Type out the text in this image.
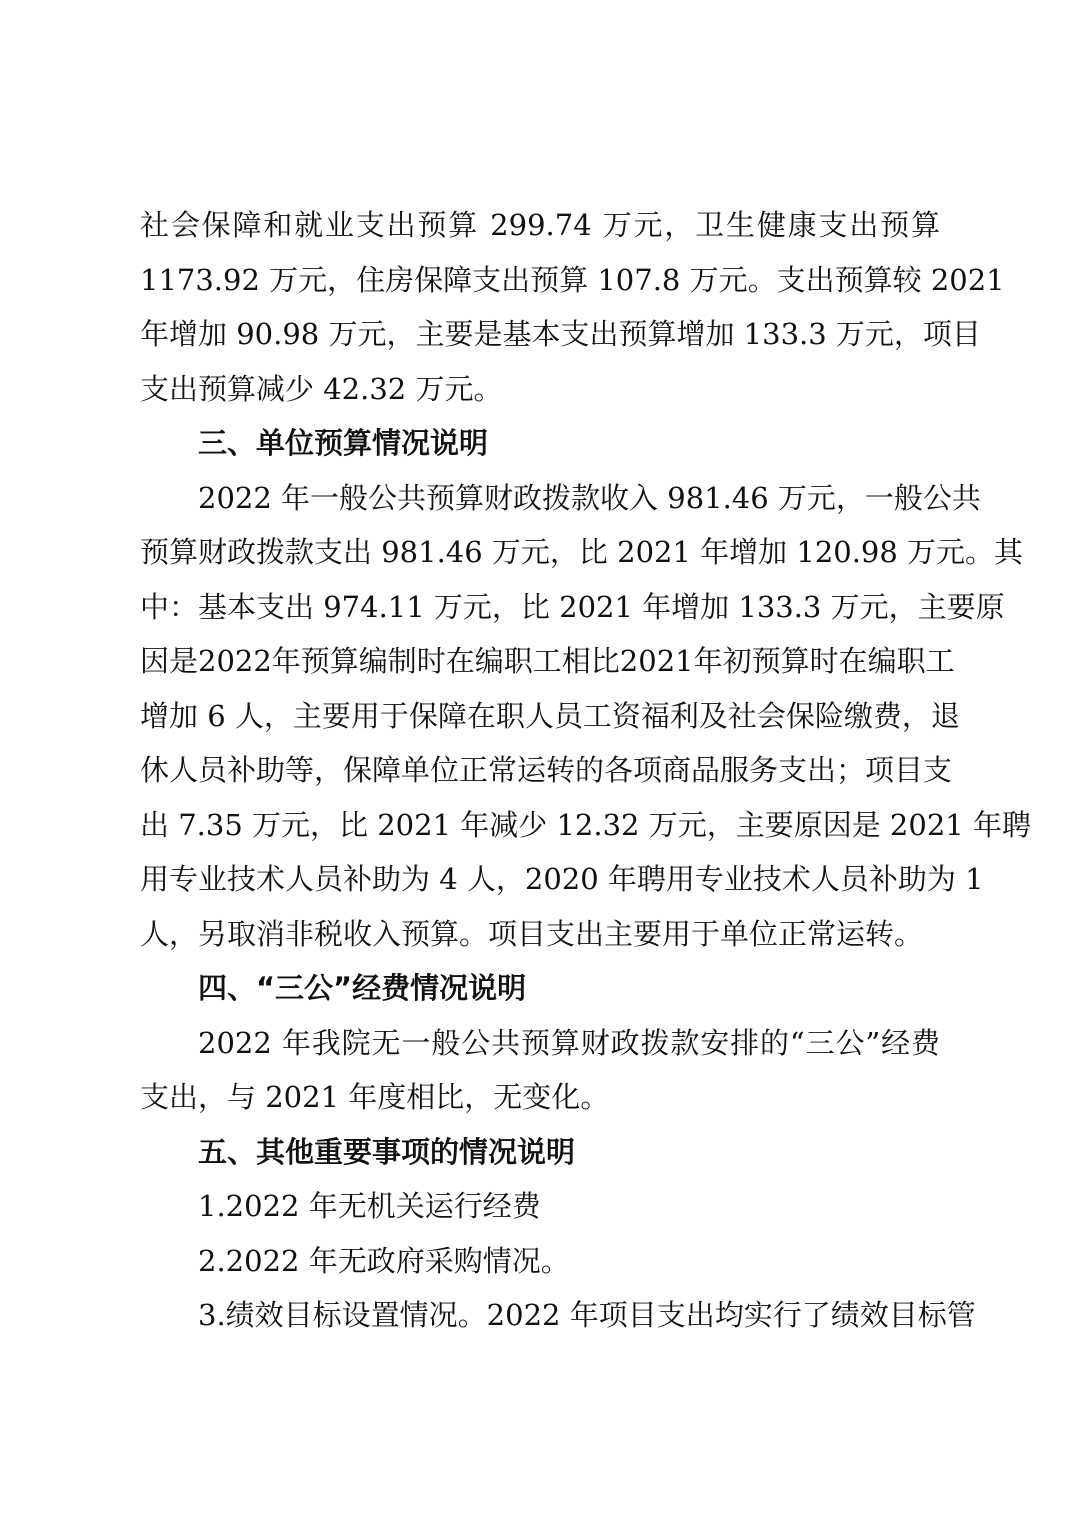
社会保障和就业支出预算 299.74 万元，卫生健康支出预算
1173.92 万元，住房保障支出预算 107.8 万元。支出预算较 2021
年增加 90.98 万元，主要是基本支出预算增加 133.3 万元，项目
支出预算减少 42.32 万元。
三、单位预算情况说明
2022 年一般公共预算财政拨款收入 981.46 万元，一般公共
预算财政拨款支出 981.46 万元，比 2021 年增加 120.98 万元。其
中：基本支出 974.11 万元，比 2021 年增加 133.3 万元，主要原
因是2022年预算编制时在编职工相比2021年初预算时在编职工
增加 6 人，主要用于保障在职人员工资福利及社会保险缴费，退
休人员补助等，保障单位正常运转的各项商品服务支出；项目支
出 7.35 万元，比 2021 年减少 12.32 万元，主要原因是 2021 年聘
用专业技术人员补助为 4 人，2020 年聘用专业技术人员补助为 1
人，另取消非税收入预算。项目支出主要用于单位正常运转。
四、“三公”经费情况说明
2022 年我院无一般公共预算财政拨款安排的“三公”经费
支出，与 2021 年度相比，无变化。
五、其他重要事项的情况说明
1.2022 年无机关运行经费
2.2022 年无政府采购情况。
3.绩效目标设置情况。2022 年项目支出均实行了绩效目标管
